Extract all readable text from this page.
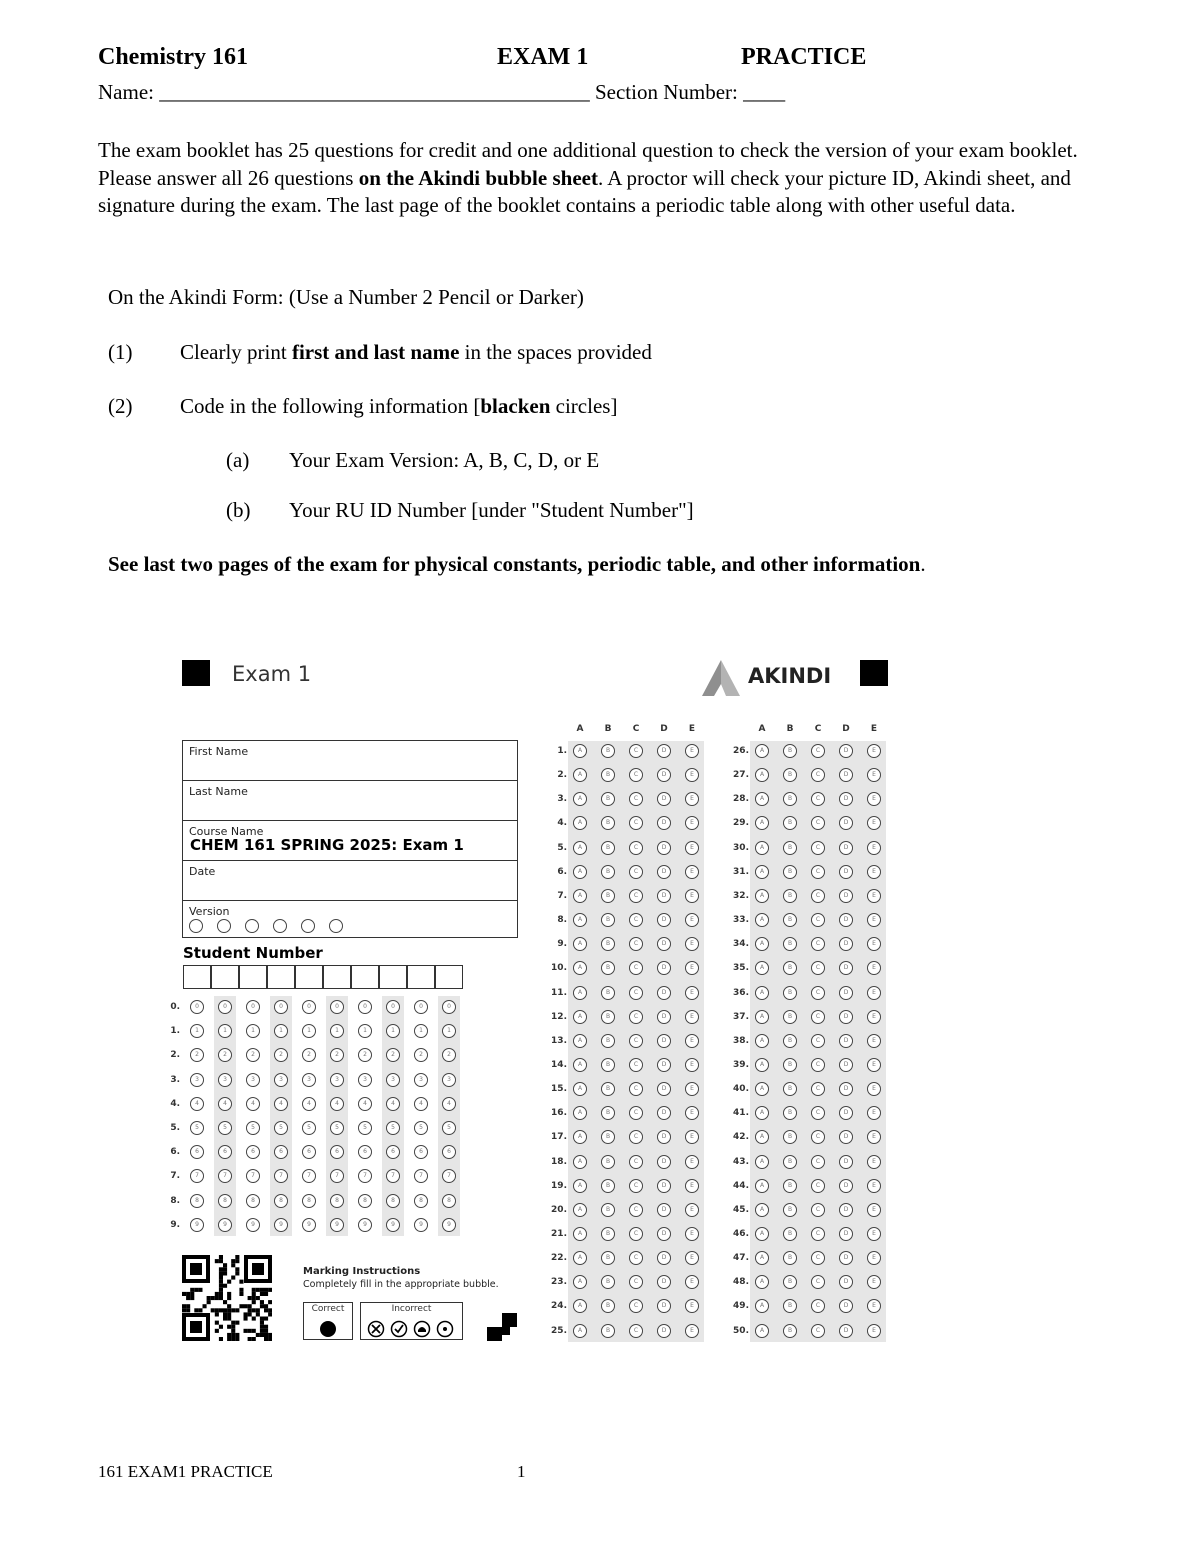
Chemistry 161	EXAM 1	PRACTICE
Name: _________________________________________ Section Number: ____
The exam booklet has 25 questions for credit and one additional question to check the version of your exam booklet. Please answer all 26 questions on the Akindi bubble sheet. A proctor will check your picture ID, Akindi sheet, and signature during the exam. The last page of the booklet contains a periodic table along with other useful data.
On the Akindi Form: (Use a Number 2 Pencil or Darker)
(1) Clearly print first and last name in the spaces provided
(2) Code in the following information [blacken circles]
(a) Your Exam Version: A, B, C, D, or E
(b) Your RU ID Number [under "Student Number"]
See last two pages of the exam for physical constants, periodic table, and other information.
Exam 1	AKINDI
First Name
Last Name
Course Name
CHEM 161 SPRING 2025: Exam 1
Date
Version
Student Number
0.	0	0	0	0	0	0	0	0	0	0
1.	1	1	1	1	1	1	1	1	1	1
2.	2	2	2	2	2	2	2	2	2	2
3.	3	3	3	3	3	3	3	3	3	3
4.	4	4	4	4	4	4	4	4	4	4
5.	5	5	5	5	5	5	5	5	5	5
6.	6	6	6	6	6	6	6	6	6	6
7.	7	7	7	7	7	7	7	7	7	7
8.	8	8	8	8	8	8	8	8	8	8
9.	9	9	9	9	9	9	9	9	9	9
Marking Instructions
Completely fill in the appropriate bubble.
Correct	Incorrect
A	B	C	D	E
1.	A	B	C	D	E
2.	A	B	C	D	E
3.	A	B	C	D	E
4.	A	B	C	D	E
5.	A	B	C	D	E
6.	A	B	C	D	E
7.	A	B	C	D	E
8.	A	B	C	D	E
9.	A	B	C	D	E
10.	A	B	C	D	E
11.	A	B	C	D	E
12.	A	B	C	D	E
13.	A	B	C	D	E
14.	A	B	C	D	E
15.	A	B	C	D	E
16.	A	B	C	D	E
17.	A	B	C	D	E
18.	A	B	C	D	E
19.	A	B	C	D	E
20.	A	B	C	D	E
21.	A	B	C	D	E
22.	A	B	C	D	E
23.	A	B	C	D	E
24.	A	B	C	D	E
25.	A	B	C	D	E
A	B	C	D	E
26.	A	B	C	D	E
27.	A	B	C	D	E
28.	A	B	C	D	E
29.	A	B	C	D	E
30.	A	B	C	D	E
31.	A	B	C	D	E
32.	A	B	C	D	E
33.	A	B	C	D	E
34.	A	B	C	D	E
35.	A	B	C	D	E
36.	A	B	C	D	E
37.	A	B	C	D	E
38.	A	B	C	D	E
39.	A	B	C	D	E
40.	A	B	C	D	E
41.	A	B	C	D	E
42.	A	B	C	D	E
43.	A	B	C	D	E
44.	A	B	C	D	E
45.	A	B	C	D	E
46.	A	B	C	D	E
47.	A	B	C	D	E
48.	A	B	C	D	E
49.	A	B	C	D	E
50.	A	B	C	D	E
161 EXAM1 PRACTICE	1
